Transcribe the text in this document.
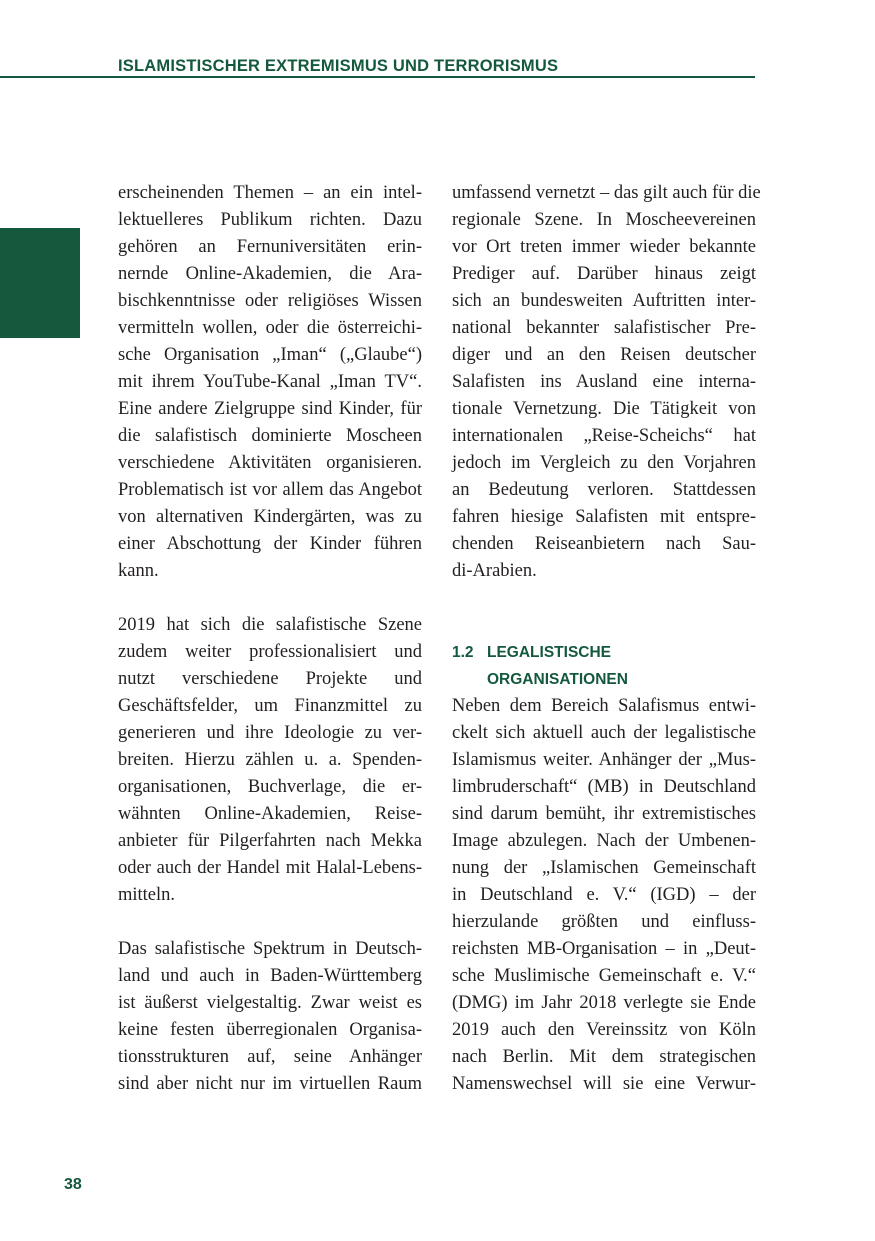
ISLAMISTISCHER EXTREMISMUS UND TERRORISMUS
erscheinenden Themen – an ein intel-
lektuelleres Publikum richten. Dazu
gehören an Fernuniversitäten erin-
nernde Online-Akademien, die Ara-
bischkenntnisse oder religiöses Wissen
vermitteln wollen, oder die österreichi-
sche Organisation „Iman“ („Glaube“)
mit ihrem YouTube-Kanal „Iman TV“.
Eine andere Zielgruppe sind Kinder, für
die salafistisch dominierte Moscheen
verschiedene Aktivitäten organisieren.
Problematisch ist vor allem das Angebot
von alternativen Kindergärten, was zu
einer Abschottung der Kinder führen
kann.
2019 hat sich die salafistische Szene
zudem weiter professionalisiert und
nutzt verschiedene Projekte und
Geschäftsfelder, um Finanzmittel zu
generieren und ihre Ideologie zu ver-
breiten. Hierzu zählen u. a. Spenden-
organisationen, Buchverlage, die er-
wähnten Online-Akademien, Reise-
anbieter für Pilgerfahrten nach Mekka
oder auch der Handel mit Halal-Lebens-
mitteln.
Das salafistische Spektrum in Deutsch-
land und auch in Baden-Württemberg
ist äußerst vielgestaltig. Zwar weist es
keine festen überregionalen Organisa-
tionsstrukturen auf, seine Anhänger
sind aber nicht nur im virtuellen Raum
umfassend vernetzt – das gilt auch für die
regionale Szene. In Moscheevereinen
vor Ort treten immer wieder bekannte
Prediger auf. Darüber hinaus zeigt
sich an bundesweiten Auftritten inter-
national bekannter salafistischer Pre-
diger und an den Reisen deutscher
Salafisten ins Ausland eine interna-
tionale Vernetzung. Die Tätigkeit von
internationalen „Reise-Scheichs“ hat
jedoch im Vergleich zu den Vorjahren
an Bedeutung verloren. Stattdessen
fahren hiesige Salafisten mit entspre-
chenden Reiseanbietern nach Sau-
di-Arabien.
1.2 LEGALISTISCHE
ORGANISATIONEN
Neben dem Bereich Salafismus entwi-
ckelt sich aktuell auch der legalistische
Islamismus weiter. Anhänger der „Mus-
limbruderschaft“ (MB) in Deutschland
sind darum bemüht, ihr extremistisches
Image abzulegen. Nach der Umbenen-
nung der „Islamischen Gemeinschaft
in Deutschland e. V.“ (IGD) – der
hierzulande größten und einfluss-
reichsten MB-Organisation – in „Deut-
sche Muslimische Gemeinschaft e. V.“
(DMG) im Jahr 2018 verlegte sie Ende
2019 auch den Vereinssitz von Köln
nach Berlin. Mit dem strategischen
Namenswechsel will sie eine Verwur-
38
